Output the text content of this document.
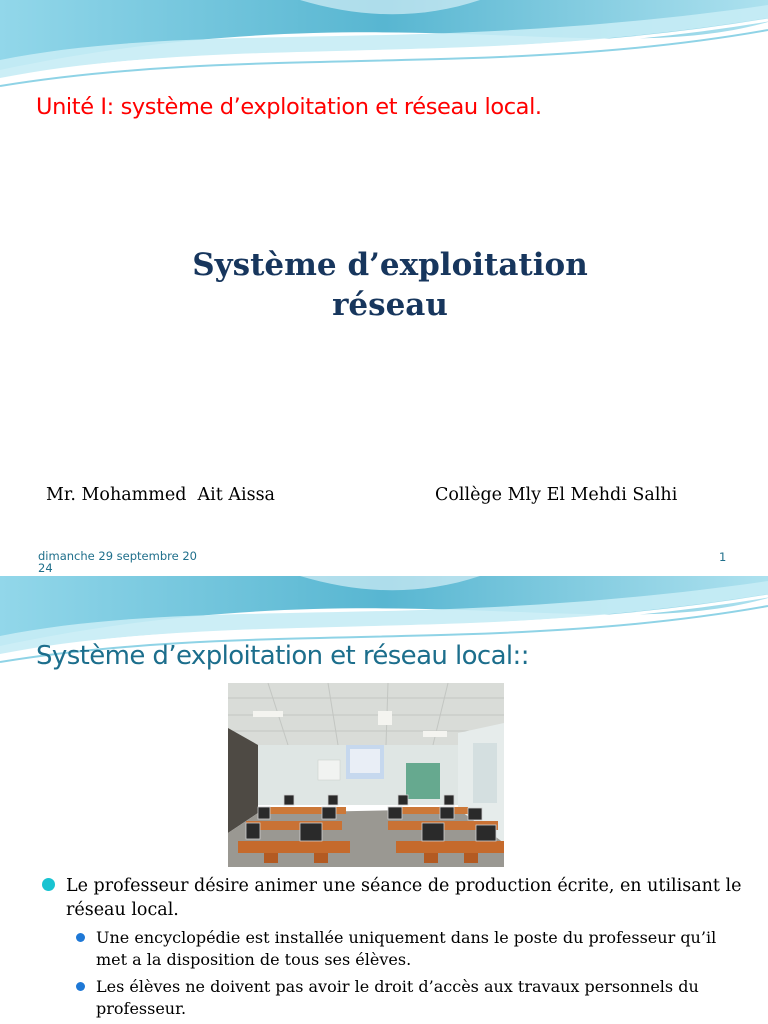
Unité I: système d’exploitation et réseau local.
Système d’exploitation
réseau
Mr. Mohammed  Ait Aissa	Collège Mly El Mehdi Salhi
dimanche 29 septembre 2024
1
Système d’exploitation et réseau local::
Le professeur désire animer une séance de production écrite, en utilisant le réseau local.
Une encyclopédie est installée uniquement dans le poste du professeur qu’il met a la disposition de tous ses élèves.
Les élèves ne doivent pas avoir le droit d’accès aux travaux personnels du professeur.
